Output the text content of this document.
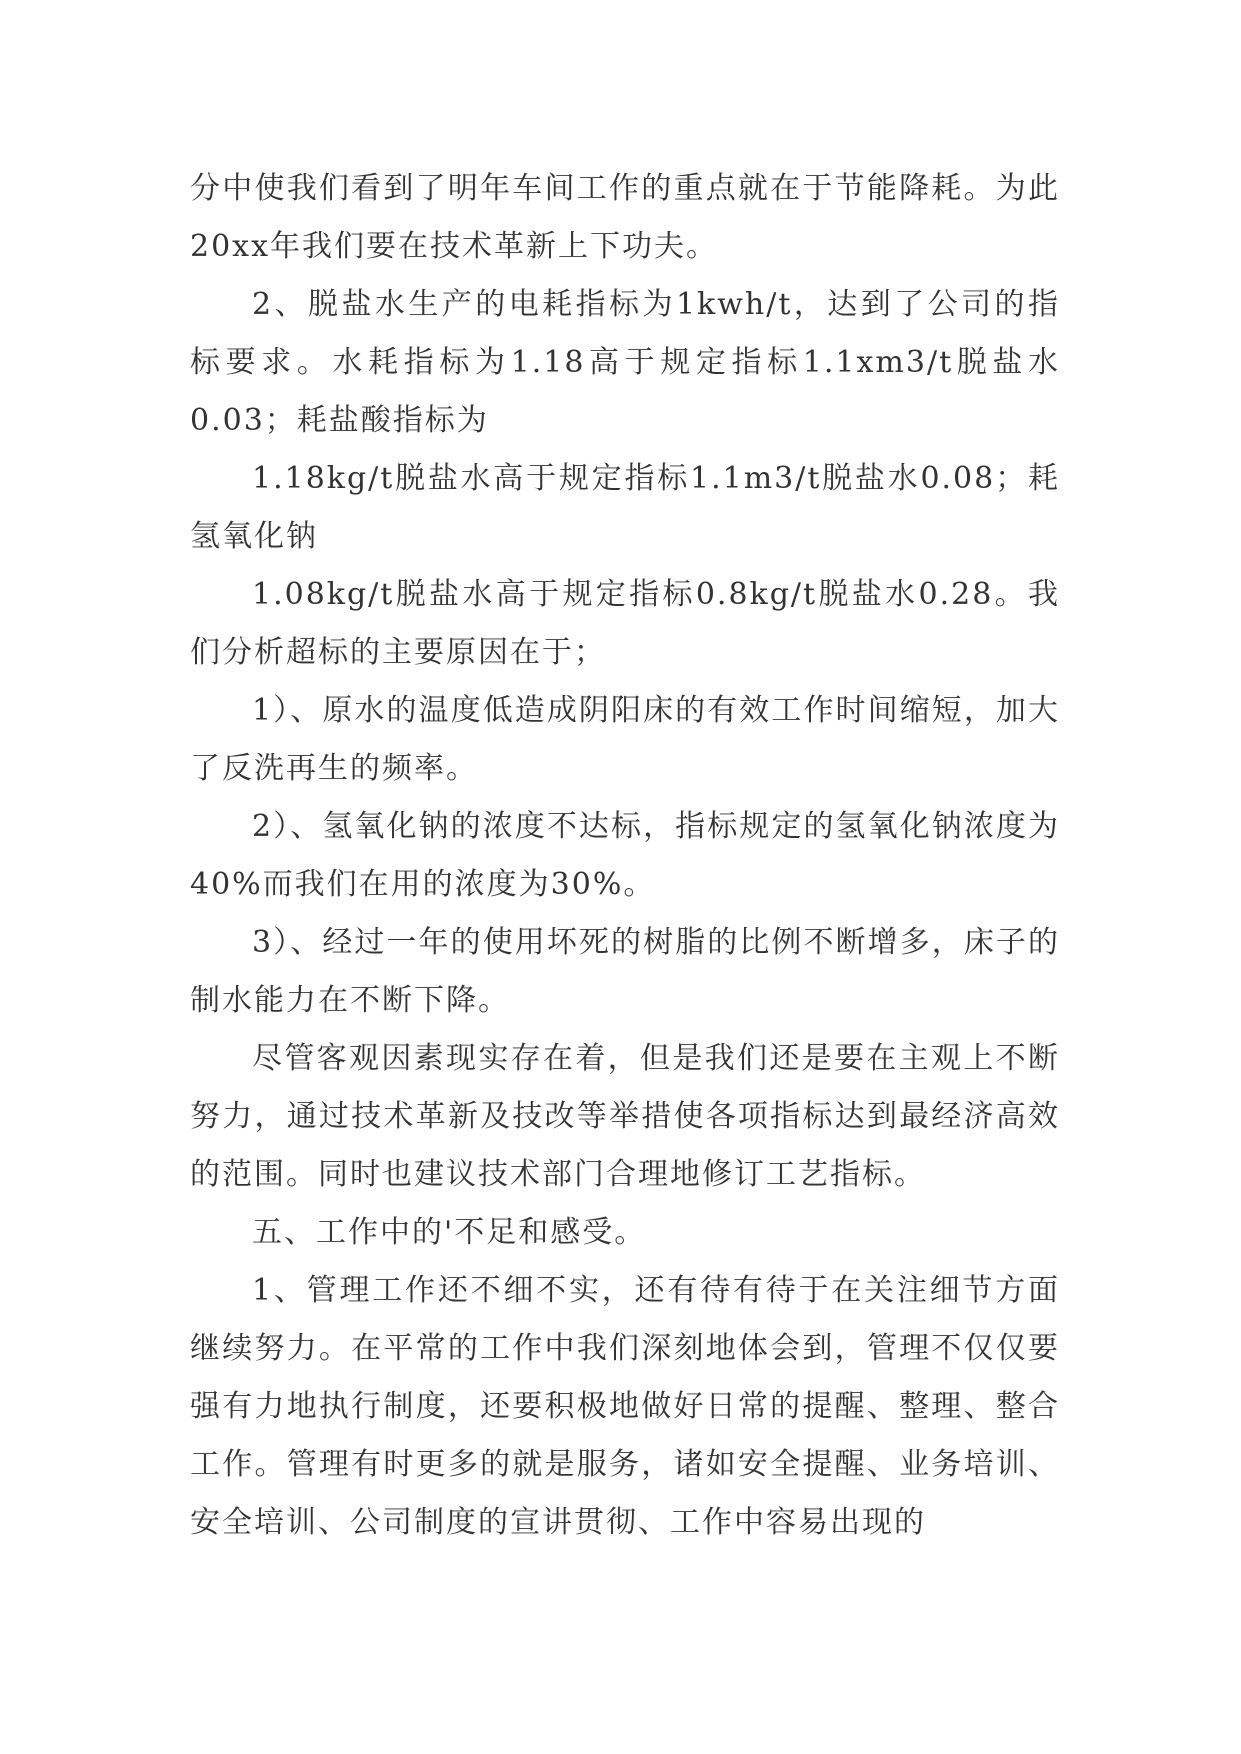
分中使我们看到了明年车间工作的重点就在于节能降耗。为此20xx年我们要在技术革新上下功夫。

2、脱盐水生产的电耗指标为1kwh/t，达到了公司的指标要求。水耗指标为1.18高于规定指标1.1xm3/t脱盐水0.03；耗盐酸指标为

1.18kg/t脱盐水高于规定指标1.1m3/t脱盐水0.08；耗氢氧化钠

1.08kg/t脱盐水高于规定指标0.8kg/t脱盐水0.28。我们分析超标的主要原因在于；

1）、原水的温度低造成阴阳床的有效工作时间缩短，加大了反洗再生的频率。

2）、氢氧化钠的浓度不达标，指标规定的氢氧化钠浓度为40%而我们在用的浓度为30%。

3）、经过一年的使用坏死的树脂的比例不断增多，床子的制水能力在不断下降。

尽管客观因素现实存在着，但是我们还是要在主观上不断努力，通过技术革新及技改等举措使各项指标达到最经济高效的范围。同时也建议技术部门合理地修订工艺指标。

五、工作中的'不足和感受。

1、管理工作还不细不实，还有待有待于在关注细节方面继续努力。在平常的工作中我们深刻地体会到，管理不仅仅要强有力地执行制度，还要积极地做好日常的提醒、整理、整合工作。管理有时更多的就是服务，诸如安全提醒、业务培训、安全培训、公司制度的宣讲贯彻、工作中容易出现的
